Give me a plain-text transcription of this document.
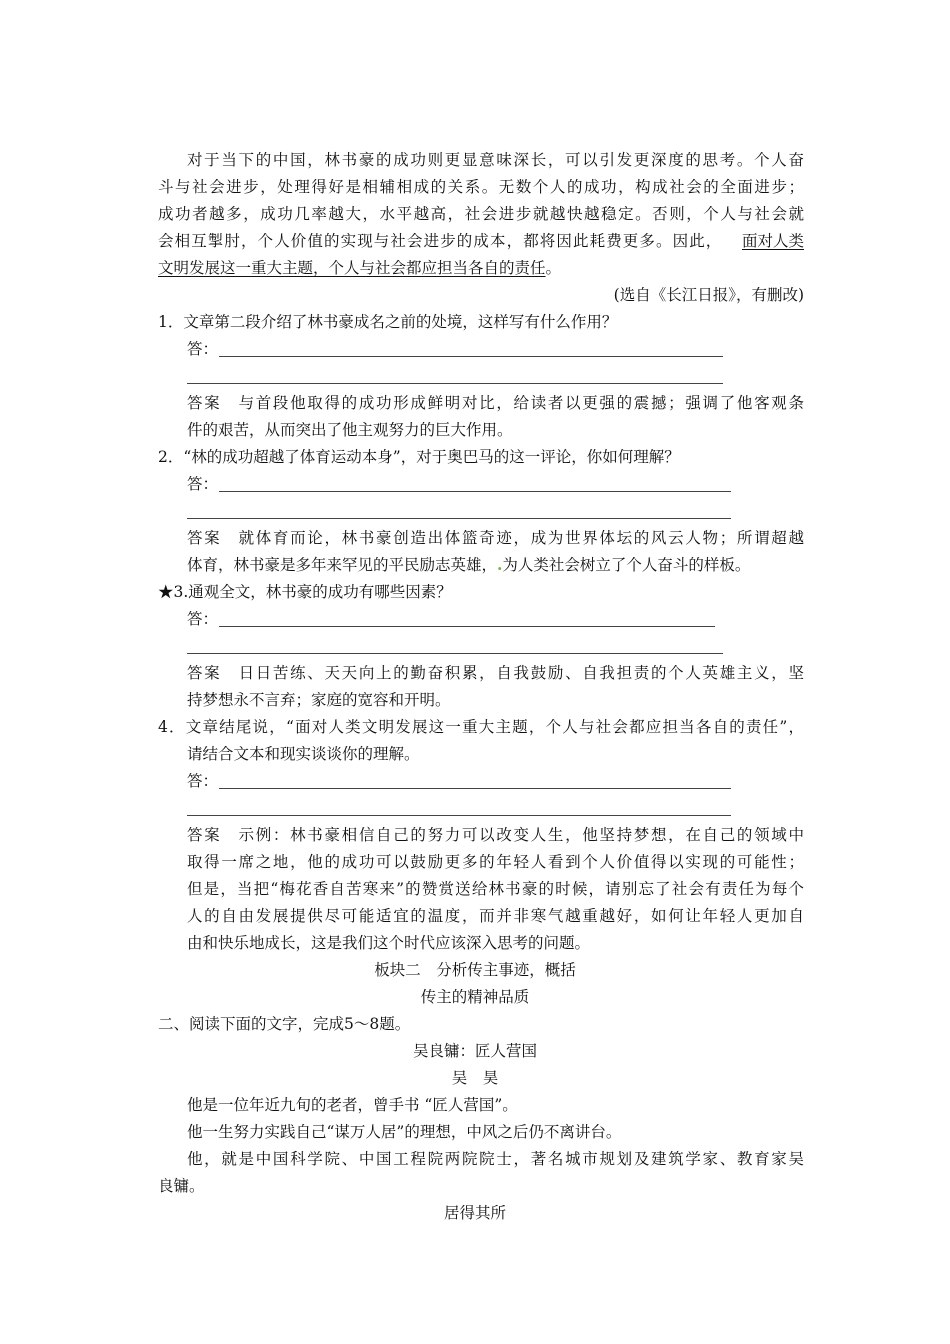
对于当下的中国，林书豪的成功则更显意味深长，可以引发更深度的思考。个人奋
斗与社会进步，处理得好是相辅相成的关系。无数个人的成功，构成社会的全面进步；
成功者越多，成功几率越大，水平越高，社会进步就越快越稳定。否则，个人与社会就
会相互掣肘，个人价值的实现与社会进步的成本，都将因此耗费更多。因此， 面对人类
文明发展这一重大主题，个人与社会都应担当各自的责任。
(选自《长江日报》，有删改)
1．文章第二段介绍了林书豪成名之前的处境，这样写有什么作用？
答：
答案　 与首段他取得的成功形成鲜明对比，给读者以更强的震撼；强调了他客观条
件的艰苦，从而突出了他主观努力的巨大作用。
2．“林的成功超越了体育运动本身”，对于奥巴马的这一评论，你如何理解？
答：
答案　 就体育而论，林书豪创造出体篮奇迹，成为世界体坛的风云人物；所谓超越
体育，林书豪是多年来罕见的平民励志英雄，.为人类社会树立了个人奋斗的样板。
★3.通观全文，林书豪的成功有哪些因素？
答：
答案　 日日苦练、天天向上的勤奋积累，自我鼓励、自我担责的个人英雄主义，坚
持梦想永不言弃；家庭的宽容和开明。
4．文章结尾说，“面对人类文明发展这一重大主题，个人与社会都应担当各自的责任”，
请结合文本和现实谈谈你的理解。
答：
答案　 示例：林书豪相信自己的努力可以改变人生，他坚持梦想，在自己的领域中
取得一席之地，他的成功可以鼓励更多的年轻人看到个人价值得以实现的可能性；
但是，当把“梅花香自苦寒来”的赞赏送给林书豪的时候，请别忘了社会有责任为每个
人的自由发展提供尽可能适宜的温度，而并非寒气越重越好，如何让年轻人更加自
由和快乐地成长，这是我们这个时代应该深入思考的问题。
板块二　分析传主事迹，概括
传主的精神品质
二、阅读下面的文字，完成5～8题。
吴良镛：匠人营国
吴　昊
他是一位年近九旬的老者，曾手书 “匠人营国”。
他一生努力实践自己“谋万人居”的理想，中风之后仍不离讲台。
他，就是中国科学院、中国工程院两院院士，著名城市规划及建筑学家、教育家吴
良镛。
居得其所
